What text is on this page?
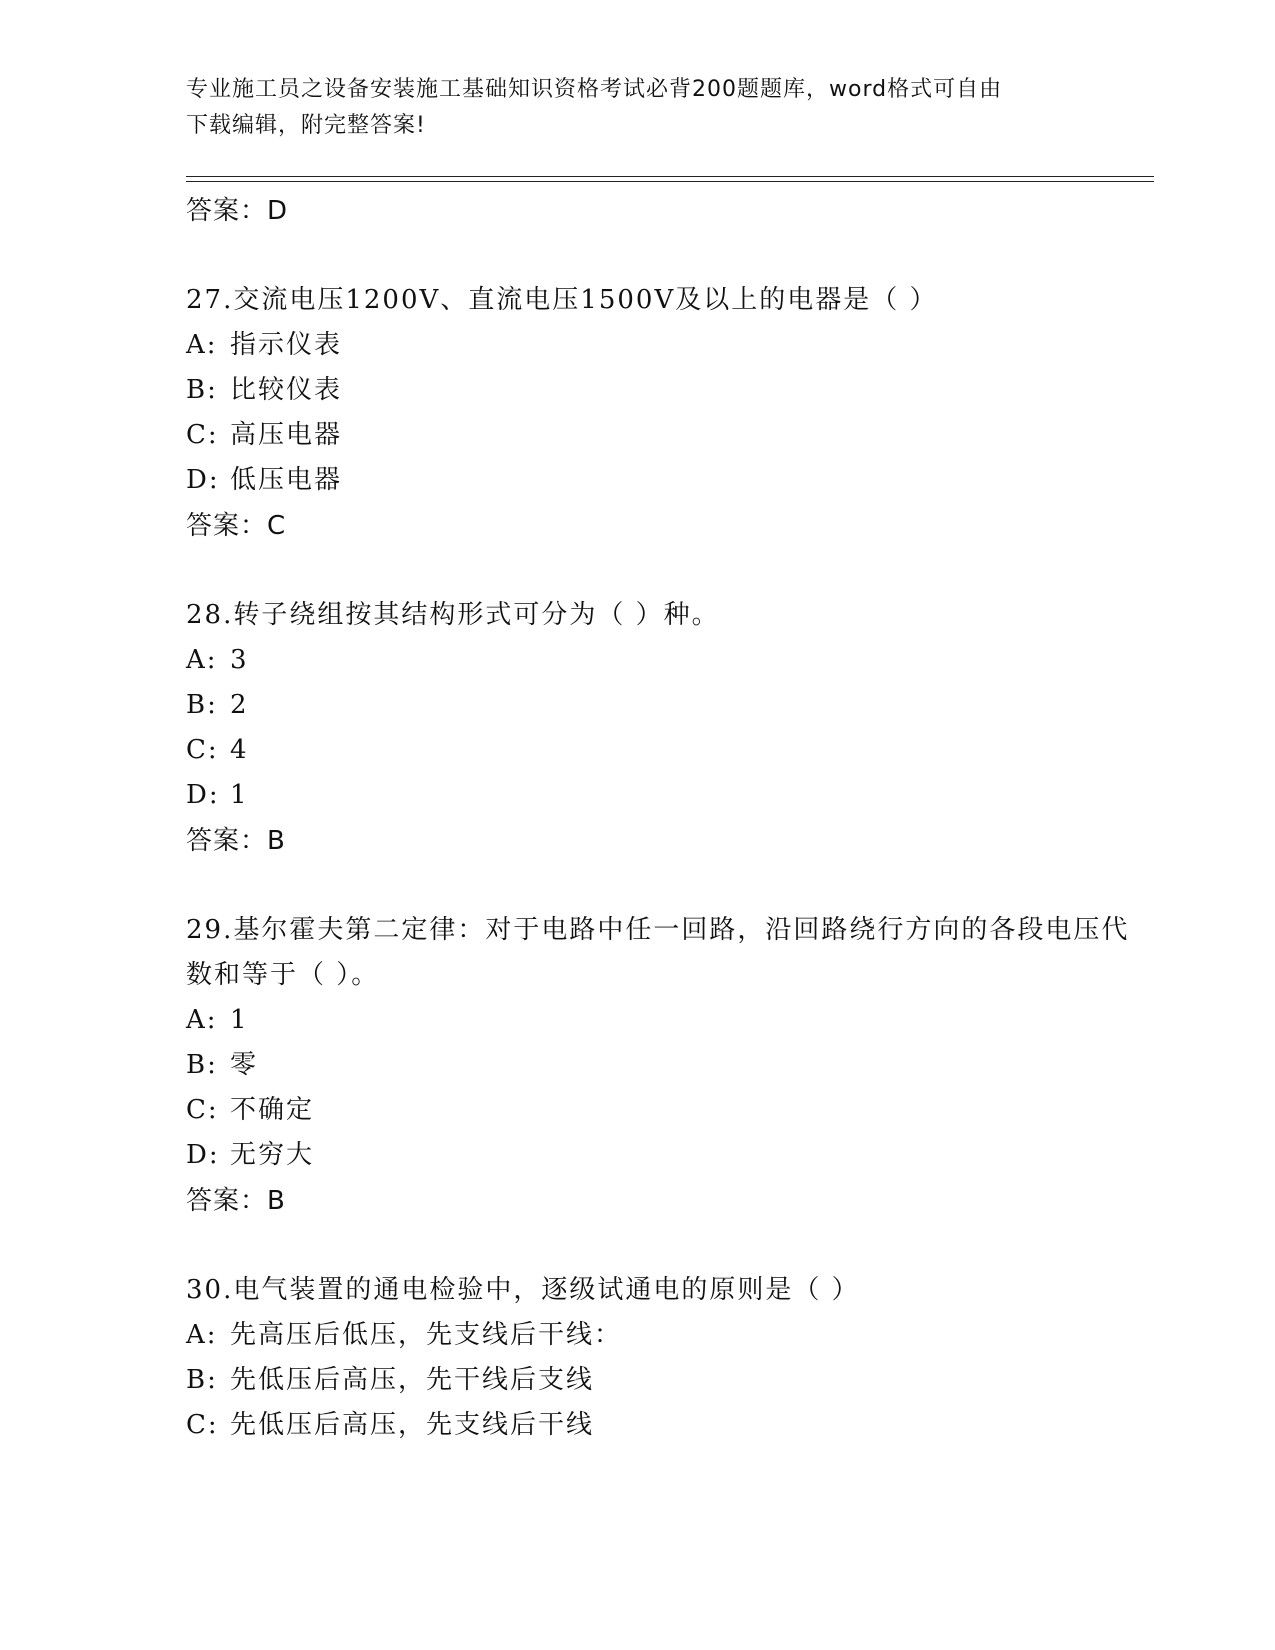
专业施工员之设备安装施工基础知识资格考试必背200题题库，word格式可自由
下载编辑，附完整答案!
答案：D
27.交流电压1200V、直流电压1500V及以上的电器是（ ）
A: 指示仪表
B: 比较仪表
C: 高压电器
D: 低压电器
答案：C
28.转子绕组按其结构形式可分为（ ）种。
A: 3
B: 2
C: 4
D: 1
答案：B
29.基尔霍夫第二定律：对于电路中任一回路，沿回路绕行方向的各段电压代数和等于（ ）。
A: 1
B: 零
C: 不确定
D: 无穷大
答案：B
30.电气装置的通电检验中，逐级试通电的原则是（ ）
A: 先高压后低压，先支线后干线：
B: 先低压后高压，先干线后支线
C: 先低压后高压，先支线后干线
